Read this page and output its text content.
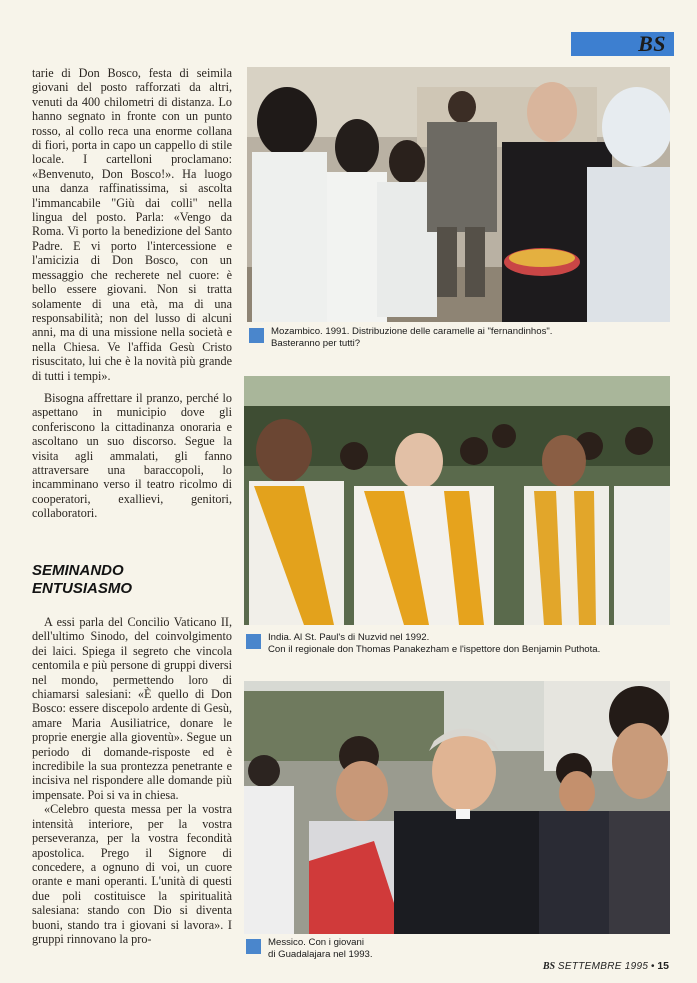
BS

tarie di Don Bosco, festa di seimila giovani del posto rafforzati da altri, venuti da 400 chilometri di distanza. Lo hanno segnato in fronte con un punto rosso, al collo reca una enorme collana di fiori, porta in capo un cappello di stile locale. I cartelloni proclamano: «Benvenuto, Don Bosco!». Ha luogo una danza raffinatissima, si ascolta l'immancabile "Giù dai colli" nella lingua del posto. Parla: «Vengo da Roma. Vi porto la benedizione del Santo Padre. E vi porto l'intercessione e l'amicizia di Don Bosco, con un messaggio che recherete nel cuore: è bello essere giovani. Non si tratta solamente di una età, ma di una responsabilità; non del lusso di alcuni anni, ma di una missione nella società e nella Chiesa. Ve l'affida Gesù Cristo risuscitato, lui che è la novità più grande di tutti i tempi».

Bisogna affrettare il pranzo, perché lo aspettano in municipio dove gli conferiscono la cittadinanza onoraria e ascoltano un suo discorso. Segue la visita agli ammalati, gli fanno attraversare una baraccopoli, lo incamminano verso il teatro ricolmo di cooperatori, exallievi, genitori, collaboratori.

SEMINANDO
ENTUSIASMO

A essi parla del Concilio Vaticano II, dell'ultimo Sinodo, del coinvolgimento dei laici. Spiega il segreto che vincola centomila e più persone di gruppi diversi nel mondo, permettendo loro di chiamarsi salesiani: «È quello di Don Bosco: essere discepolo ardente di Gesù, amare Maria Ausiliatrice, donare le proprie energie alla gioventù». Segue un periodo di domande-risposte ed è incredibile la sua prontezza penetrante e incisiva nel rispondere alle domande più impensate. Poi si va in chiesa.

«Celebro questa messa per la vostra intensità interiore, per la vostra perseveranza, per la vostra fecondità apostolica. Prego il Signore di concedere, a ognuno di voi, un cuore orante e mani operanti. L'unità di questi due poli costituisce la spiritualità salesiana: stando con Dio si diventa buoni, stando tra i giovani si lavora». I gruppi rinnovano la pro-

Mozambico. 1991. Distribuzione delle caramelle ai "fernandinhos".
Basteranno per tutti?
India. Al St. Paul's di Nuzvid nel 1992.
Con il regionale don Thomas Panakezham e l'ispettore don Benjamin Puthota.
Messico. Con i giovani
di Guadalajara nel 1993.
BS SETTEMBRE 1995 • 15
